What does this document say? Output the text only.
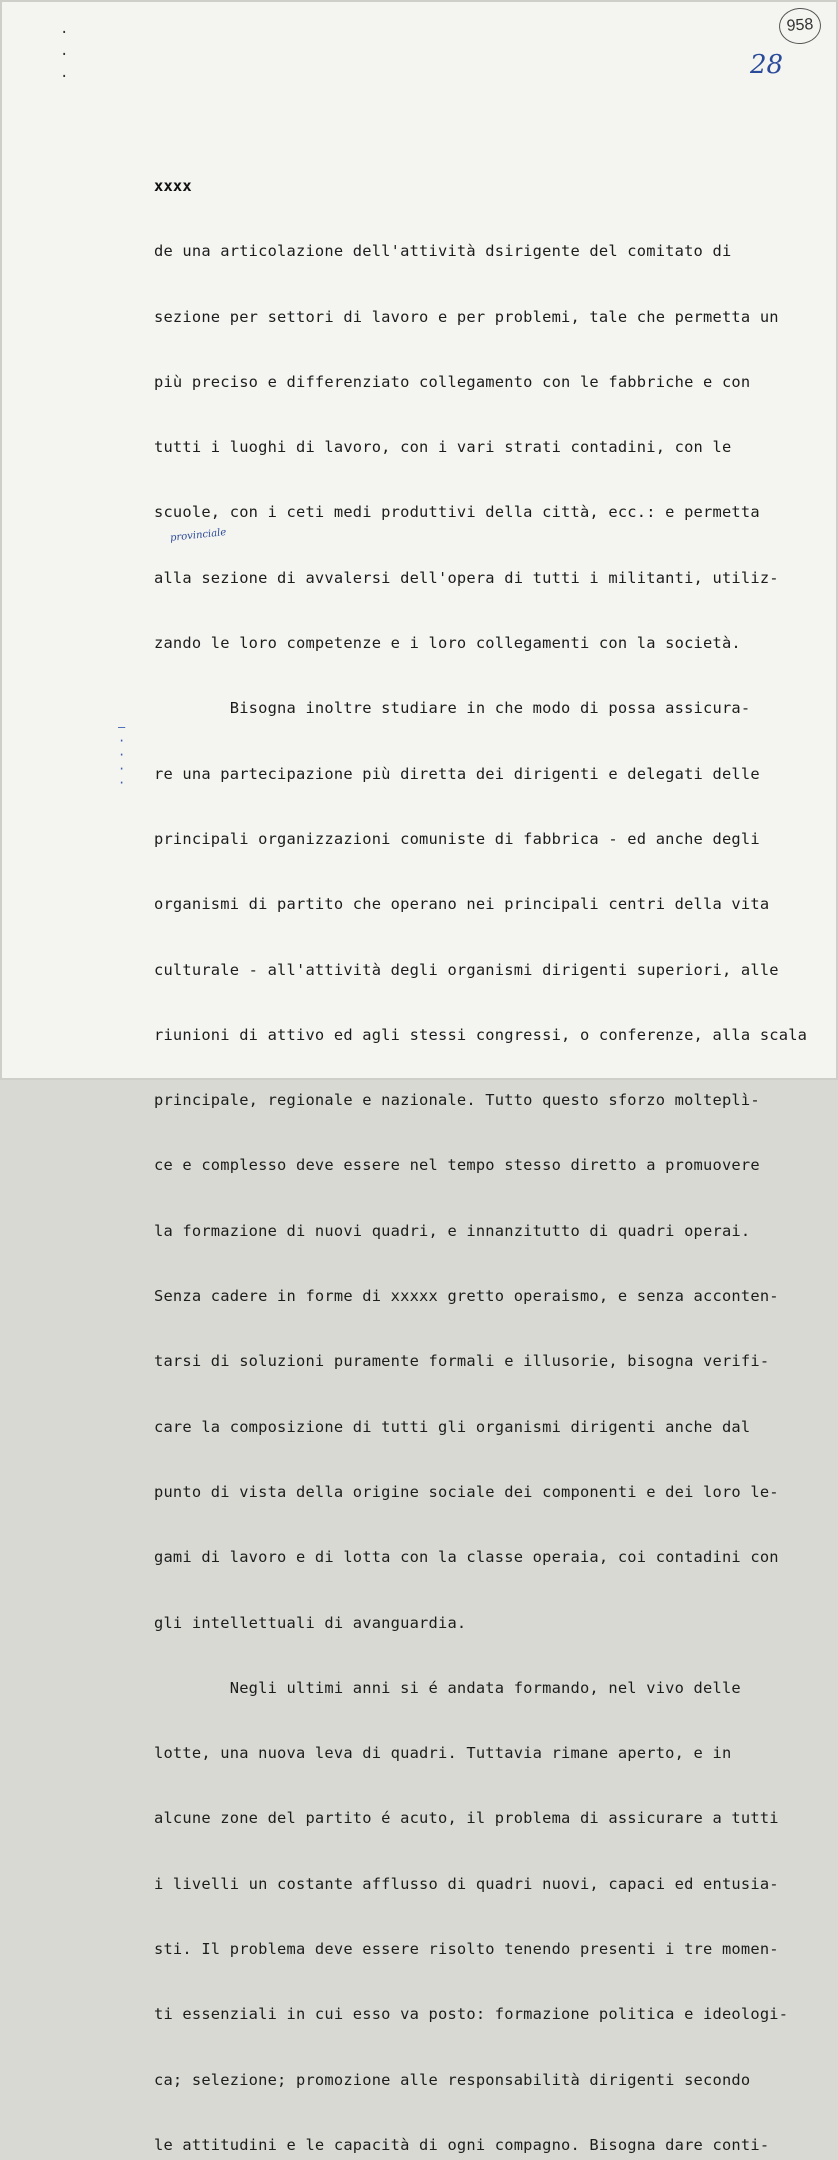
·
·
·
958
28
—
·
·
·
·
provinciale

xxxx

de una articolazione dell'attività dsirigente del comitato di

sezione per settori di lavoro e per problemi, tale che permetta un

più preciso e differenziato collegamento con le fabbriche e con

tutti i luoghi di lavoro, con i vari strati contadini, con le

scuole, con i ceti medi produttivi della città, ecc.: e permetta

alla sezione di avvalersi dell'opera di tutti i militanti, utiliz-

zando le loro competenze e i loro collegamenti con la società.

Bisogna inoltre studiare in che modo di possa assicura-

re una partecipazione più diretta dei dirigenti e delegati delle

principali organizzazioni comuniste di fabbrica - ed anche degli

organismi di partito che operano nei principali centri della vita

culturale - all'attività degli organismi dirigenti superiori, alle

riunioni di attivo ed agli stessi congressi, o conferenze, alla scala

principale, regionale e nazionale. Tutto questo sforzo molteplì-

ce e complesso deve essere nel tempo stesso diretto a promuovere

la formazione di nuovi quadri, e innanzitutto di quadri operai.

Senza cadere in forme di xxxxx gretto operaismo, e senza acconten-

tarsi di soluzioni puramente formali e illusorie, bisogna verifi-

care la composizione di tutti gli organismi dirigenti anche dal

punto di vista della origine sociale dei componenti e dei loro le-

gami di lavoro e di lotta con la classe operaia, coi contadini con

gli intellettuali di avanguardia.

Negli ultimi anni si é andata formando, nel vivo delle

lotte, una nuova leva di quadri. Tuttavia rimane aperto, e in

alcune zone del partito é acuto, il problema di assicurare a tutti

i livelli un costante afflusso di quadri nuovi, capaci ed entusia-

sti. Il problema deve essere risolto tenendo presenti i tre momen-

ti essenziali in cui esso va posto: formazione politica e ideologi-

ca; selezione; promozione alle responsabilità dirigenti secondo

le attitudini e le capacità di ogni compagno. Bisogna dare conti-
